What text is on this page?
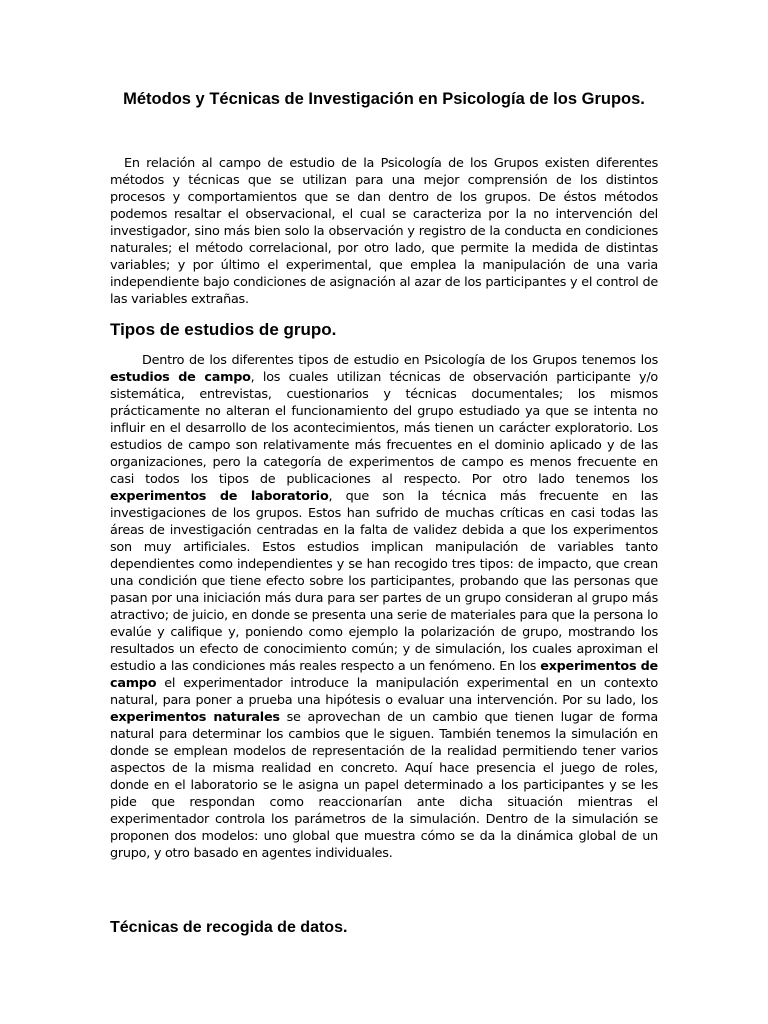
Métodos y Técnicas de Investigación en Psicología de los Grupos.

En relación al campo de estudio de la Psicología de los Grupos existen diferentes métodos y técnicas que se utilizan para una mejor comprensión de los distintos procesos y comportamientos que se dan dentro de los grupos. De éstos métodos podemos resaltar el observacional, el cual se caracteriza por la no intervención del investigador, sino más bien solo la observación y registro de la conducta en condiciones naturales; el método correlacional, por otro lado, que permite la medida de distintas variables; y por último el experimental, que emplea la manipulación de una varia independiente bajo condiciones de asignación al azar de los participantes y el control de las variables extrañas.

Tipos de estudios de grupo.

Dentro de los diferentes tipos de estudio en Psicología de los Grupos tenemos los estudios de campo, los cuales utilizan técnicas de observación participante y/o sistemática, entrevistas, cuestionarios y técnicas documentales; los mismos prácticamente no alteran el funcionamiento del grupo estudiado ya que se intenta no influir en el desarrollo de los acontecimientos, más tienen un carácter exploratorio. Los estudios de campo son relativamente más frecuentes en el dominio aplicado y de las organizaciones, pero la categoría de experimentos de campo es menos frecuente en casi todos los tipos de publicaciones al respecto. Por otro lado tenemos los experimentos de laboratorio, que son la técnica más frecuente en las investigaciones de los grupos. Estos han sufrido de muchas críticas en casi todas las áreas de investigación centradas en la falta de validez debida a que los experimentos son muy artificiales. Estos estudios implican manipulación de variables tanto dependientes como independientes y se han recogido tres tipos: de impacto, que crean una condición que tiene efecto sobre los participantes, probando que las personas que pasan por una iniciación más dura para ser partes de un grupo consideran al grupo más atractivo; de juicio, en donde se presenta una serie de materiales para que la persona lo evalúe y califique y, poniendo como ejemplo la polarización de grupo, mostrando los resultados un efecto de conocimiento común; y de simulación, los cuales aproximan el estudio a las condiciones más reales respecto a un fenómeno. En los experimentos de campo el experimentador introduce la manipulación experimental en un contexto natural, para poner a prueba una hipótesis o evaluar una intervención. Por su lado, los experimentos naturales se aprovechan de un cambio que tienen lugar de forma natural para determinar los cambios que le siguen. También tenemos la simulación en donde se emplean modelos de representación de la realidad permitiendo tener varios aspectos de la misma realidad en concreto. Aquí hace presencia el juego de roles, donde en el laboratorio se le asigna un papel determinado a los participantes y se les pide que respondan como reaccionarían ante dicha situación mientras el experimentador controla los parámetros de la simulación. Dentro de la simulación se proponen dos modelos: uno global que muestra cómo se da la dinámica global de un grupo, y otro basado en agentes individuales.

Técnicas de recogida de datos.
